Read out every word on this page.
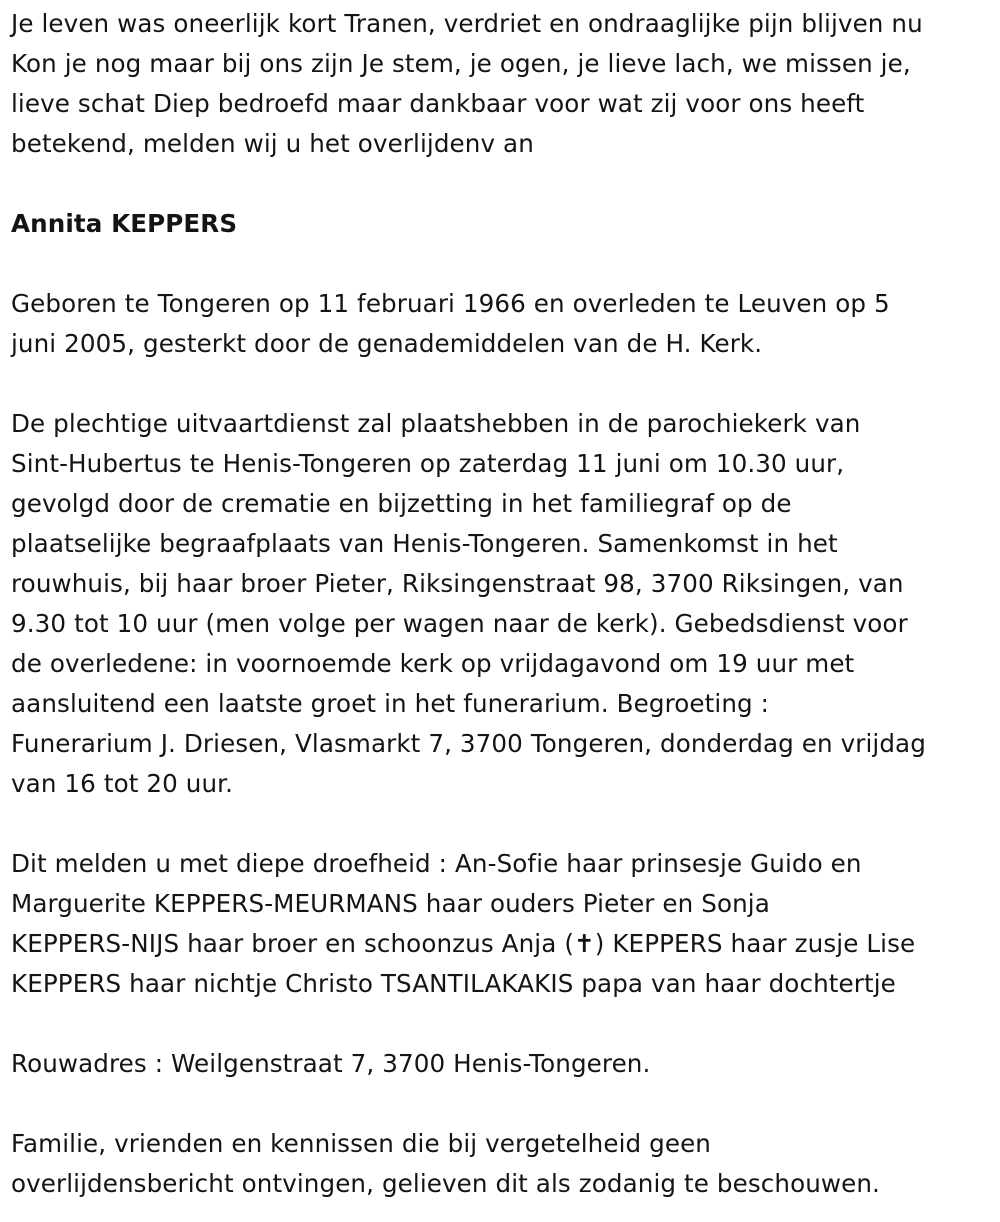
Je leven was oneerlijk kort Tranen, verdriet en ondraaglijke pijn blijven nu
Kon je nog maar bij ons zijn Je stem, je ogen, je lieve lach, we missen je,
lieve schat Diep bedroefd maar dankbaar voor wat zij voor ons heeft
betekend, melden wij u het overlijdenv an

Annita KEPPERS

Geboren te Tongeren op 11 februari 1966 en overleden te Leuven op 5
juni 2005, gesterkt door de genademiddelen van de H. Kerk.

De plechtige uitvaartdienst zal plaatshebben in de parochiekerk van
Sint-Hubertus te Henis-Tongeren op zaterdag 11 juni om 10.30 uur,
gevolgd door de crematie en bijzetting in het familiegraf op de
plaatselijke begraafplaats van Henis-Tongeren. Samenkomst in het
rouwhuis, bij haar broer Pieter, Riksingenstraat 98, 3700 Riksingen, van
9.30 tot 10 uur (men volge per wagen naar de kerk). Gebedsdienst voor
de overledene: in voornoemde kerk op vrijdagavond om 19 uur met
aansluitend een laatste groet in het funerarium. Begroeting :
Funerarium J. Driesen, Vlasmarkt 7, 3700 Tongeren, donderdag en vrijdag
van 16 tot 20 uur.

Dit melden u met diepe droefheid : An-Sofie haar prinsesje Guido en
Marguerite KEPPERS-MEURMANS haar ouders Pieter en Sonja
KEPPERS-NIJS haar broer en schoonzus Anja (✝) KEPPERS haar zusje Lise
KEPPERS haar nichtje Christo TSANTILAKAKIS papa van haar dochtertje

Rouwadres : Weilgenstraat 7, 3700 Henis-Tongeren.

Familie, vrienden en kennissen die bij vergetelheid geen
overlijdensbericht ontvingen, gelieven dit als zodanig te beschouwen.
